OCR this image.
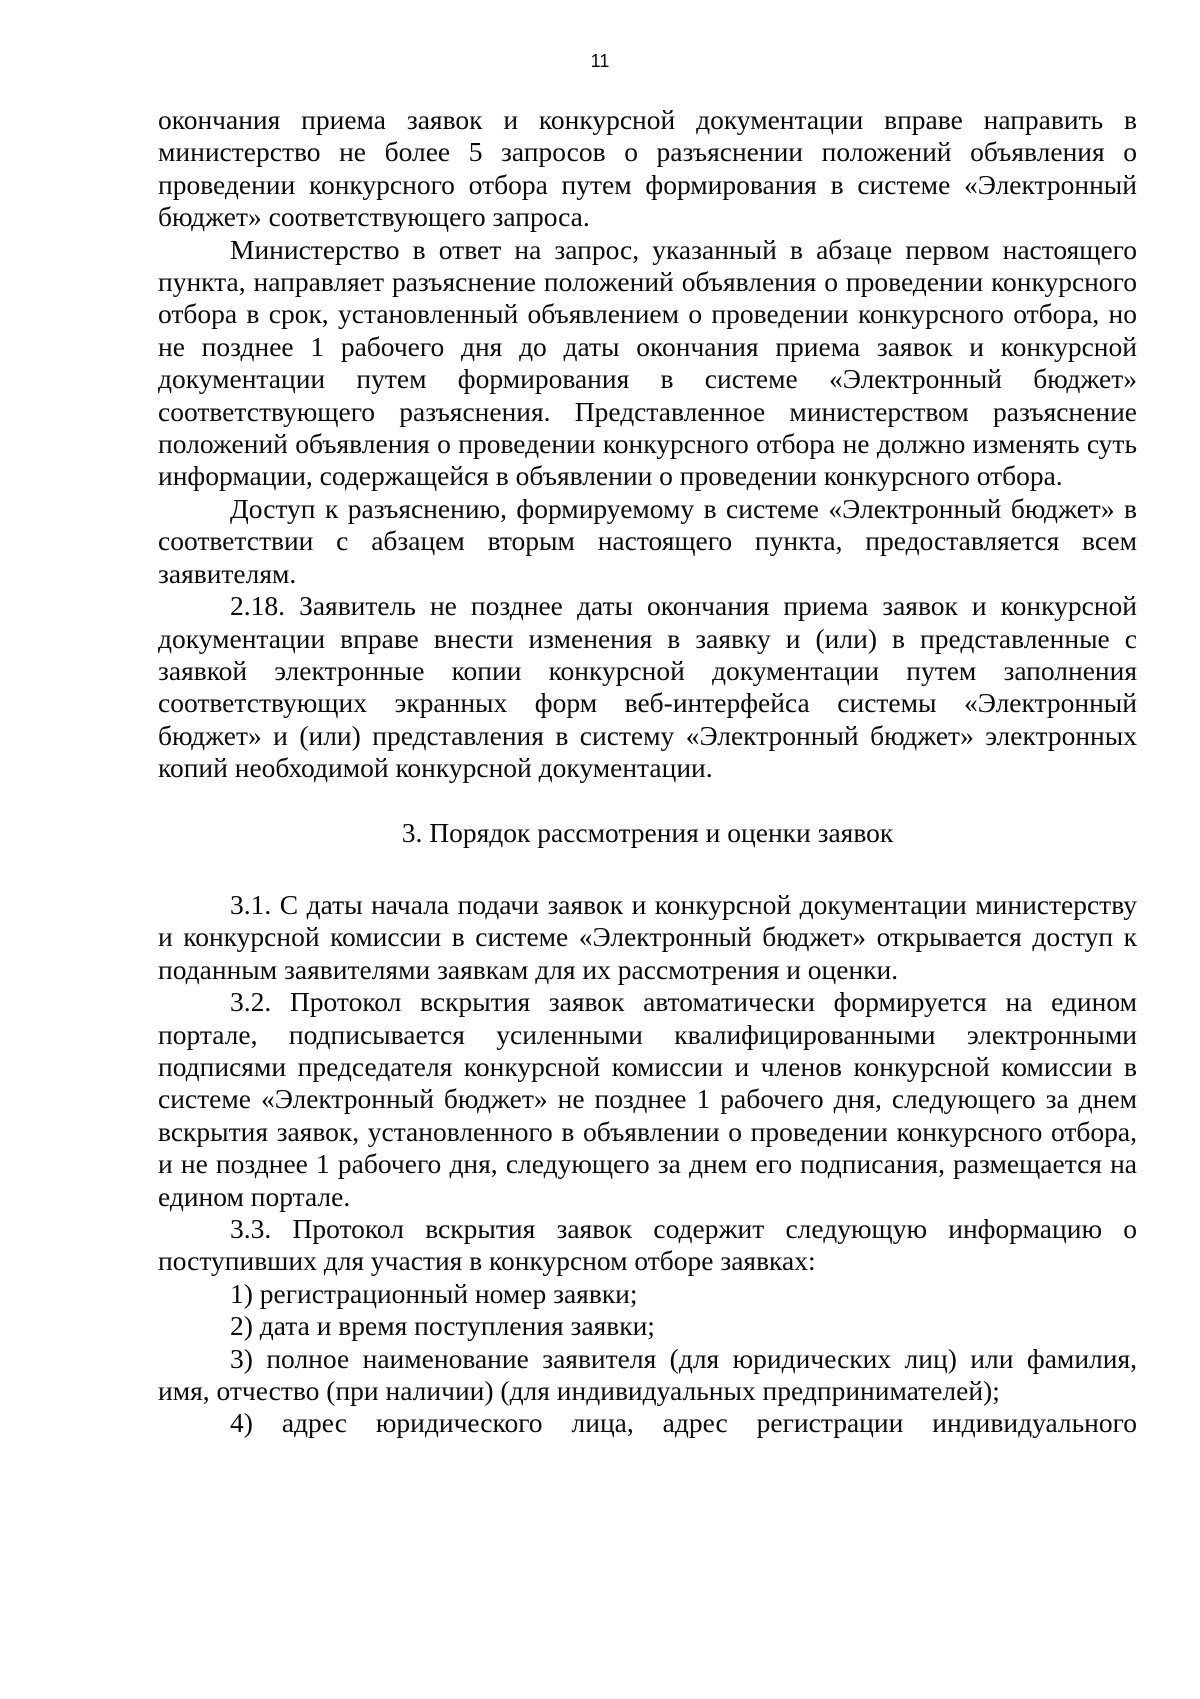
11

окончания приема заявок и конкурсной документации вправе направить в министерство не более 5 запросов о разъяснении положений объявления о проведении конкурсного отбора путем формирования в системе «Электронный бюджет» соответствующего запроса.

Министерство в ответ на запрос, указанный в абзаце первом настоящего пункта, направляет разъяснение положений объявления о проведении конкурсного отбора в срок, установленный объявлением о проведении конкурсного отбора, но не позднее 1 рабочего дня до даты окончания приема заявок и конкурсной документации путем формирования в системе «Электронный бюджет» соответствующего разъяснения. Представленное министерством разъяснение положений объявления о проведении конкурсного отбора не должно изменять суть информации, содержащейся в объявлении о проведении конкурсного отбора.

Доступ к разъяснению, формируемому в системе «Электронный бюджет» в соответствии с абзацем вторым настоящего пункта, предоставляется всем заявителям.

2.18. Заявитель не позднее даты окончания приема заявок и конкурсной документации вправе внести изменения в заявку и (или) в представленные с заявкой электронные копии конкурсной документации путем заполнения соответствующих экранных форм веб-интерфейса системы «Электронный бюджет» и (или) представления в систему «Электронный бюджет» электронных копий необходимой конкурсной документации.

3. Порядок рассмотрения и оценки заявок

3.1. С даты начала подачи заявок и конкурсной документации министерству и конкурсной комиссии в системе «Электронный бюджет» открывается доступ к поданным заявителями заявкам для их рассмотрения и оценки.

3.2. Протокол вскрытия заявок автоматически формируется на едином портале, подписывается усиленными квалифицированными электронными подписями председателя конкурсной комиссии и членов конкурсной комиссии в системе «Электронный бюджет» не позднее 1 рабочего дня, следующего за днем вскрытия заявок, установленного в объявлении о проведении конкурсного отбора, и не позднее 1 рабочего дня, следующего за днем его подписания, размещается на едином портале.

3.3. Протокол вскрытия заявок содержит следующую информацию о поступивших для участия в конкурсном отборе заявках:

1) регистрационный номер заявки;

2) дата и время поступления заявки;

3) полное наименование заявителя (для юридических лиц) или фамилия, имя, отчество (при наличии) (для индивидуальных предпринимателей);

4) адрес юридического лица, адрес регистрации индивидуального
